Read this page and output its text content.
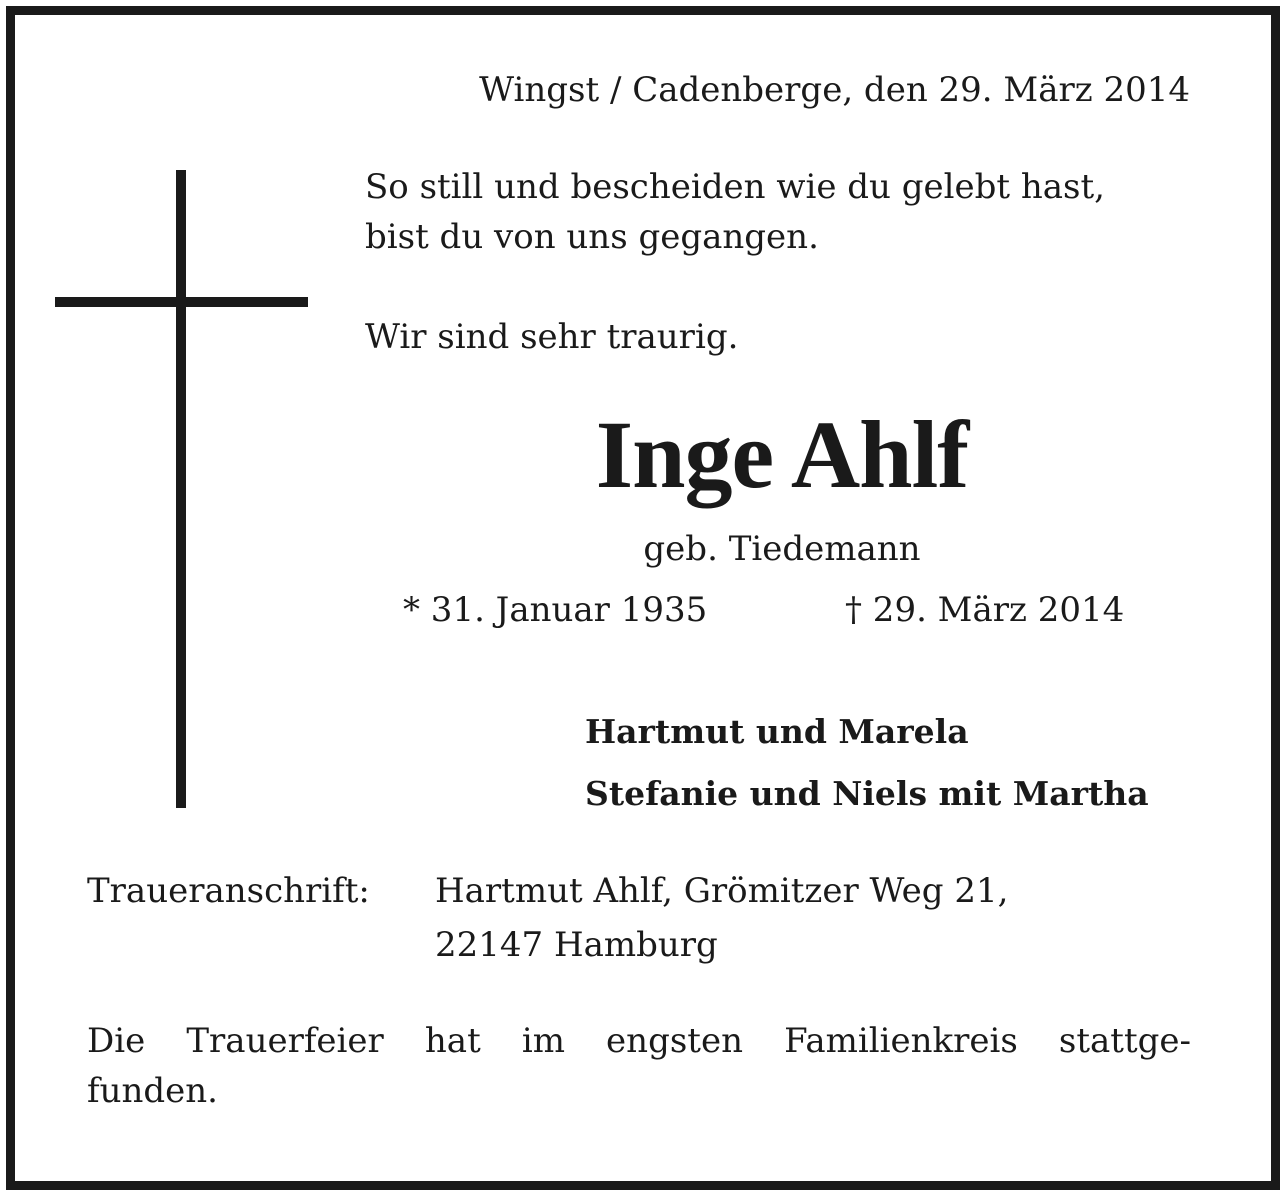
Wingst / Cadenberge, den 29. März 2014
So still und bescheiden wie du gelebt hast,
bist du von uns gegangen.
Wir sind sehr traurig.
Inge Ahlf
geb. Tiedemann
* 31. Januar 1935	† 29. März 2014
Hartmut und Marela
Stefanie und Niels mit Martha
Traueranschrift: Hartmut Ahlf, Grömitzer Weg 21,
22147 Hamburg
Die Trauerfeier hat im engsten Familienkreis stattge-
funden.
